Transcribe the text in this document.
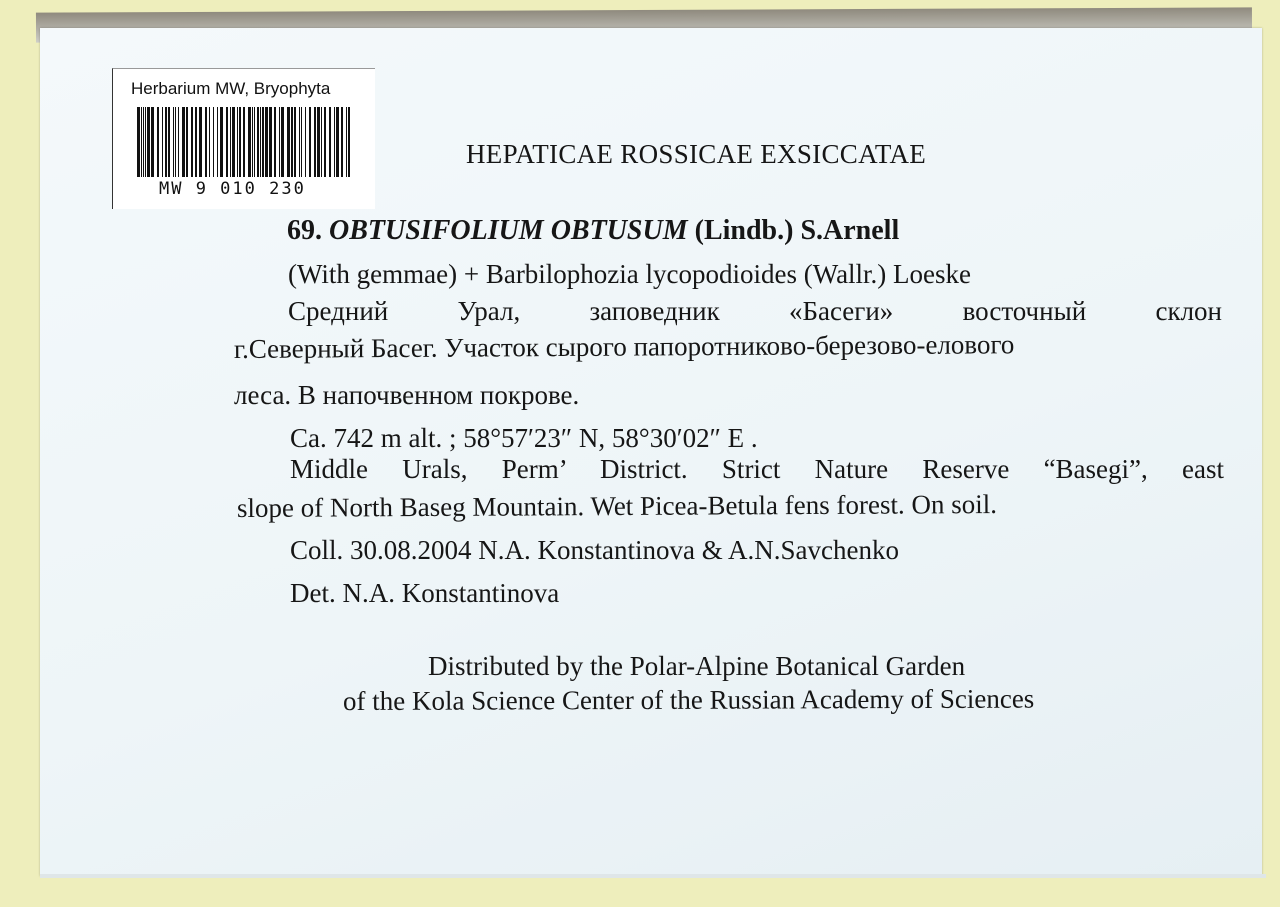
Herbarium MW, Bryophyta
MW 9 010 230
HEPATICAE ROSSICAE EXSICCATAE
69. OBTUSIFOLIUM OBTUSUM (Lindb.) S.Arnell
(With gemmae) + Barbilophozia lycopodioides (Wallr.) Loeske
Средний Урал, заповедник «Басеги» восточный склон
г.Северный Басег. Участок сырого папоротниково-березово-елового
леса. В напочвенном покрове.
Ca. 742 m alt. ; 58°57′23″ N, 58°30′02″ E .
Middle Urals, Perm’ District. Strict Nature Reserve “Basegi”, east
slope of North Baseg Mountain. Wet Picea-Betula fens forest. On soil.
Coll. 30.08.2004 N.A. Konstantinova & A.N.Savchenko
Det. N.A. Konstantinova
Distributed by the Polar-Alpine Botanical Garden
of the Kola Science Center of the Russian Academy of Sciences
